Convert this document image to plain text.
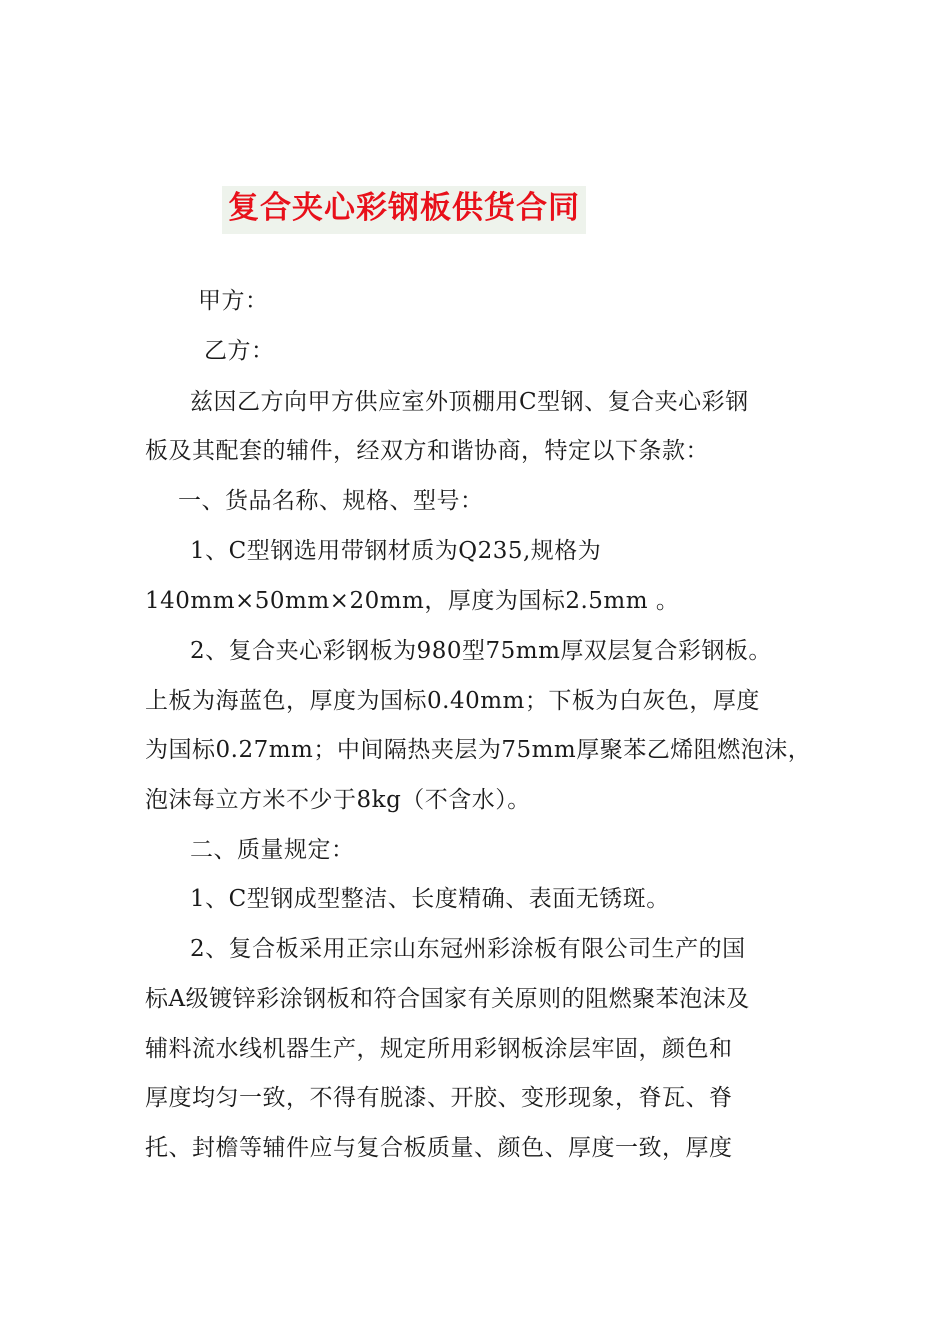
复合夹心彩钢板供货合同
甲方：
乙方：
兹因乙方向甲方供应室外顶棚用C型钢、复合夹心彩钢
板及其配套的辅件，经双方和谐协商，特定以下条款：
一、货品名称、规格、型号：
1、C型钢选用带钢材质为Q235,规格为
140mm×50mm×20mm，厚度为国标2.5mm 。
2、复合夹心彩钢板为980型75mm厚双层复合彩钢板。
上板为海蓝色，厚度为国标0.40mm；下板为白灰色，厚度
为国标0.27mm；中间隔热夹层为75mm厚聚苯乙烯阻燃泡沫，
泡沫每立方米不少于8kg（不含水）。
二、质量规定：
1、C型钢成型整洁、长度精确、表面无锈斑。
2、复合板采用正宗山东冠州彩涂板有限公司生产的国
标A级镀锌彩涂钢板和符合国家有关原则的阻燃聚苯泡沫及
辅料流水线机器生产，规定所用彩钢板涂层牢固，颜色和
厚度均匀一致，不得有脱漆、开胶、变形现象，脊瓦、脊
托、封檐等辅件应与复合板质量、颜色、厚度一致，厚度
